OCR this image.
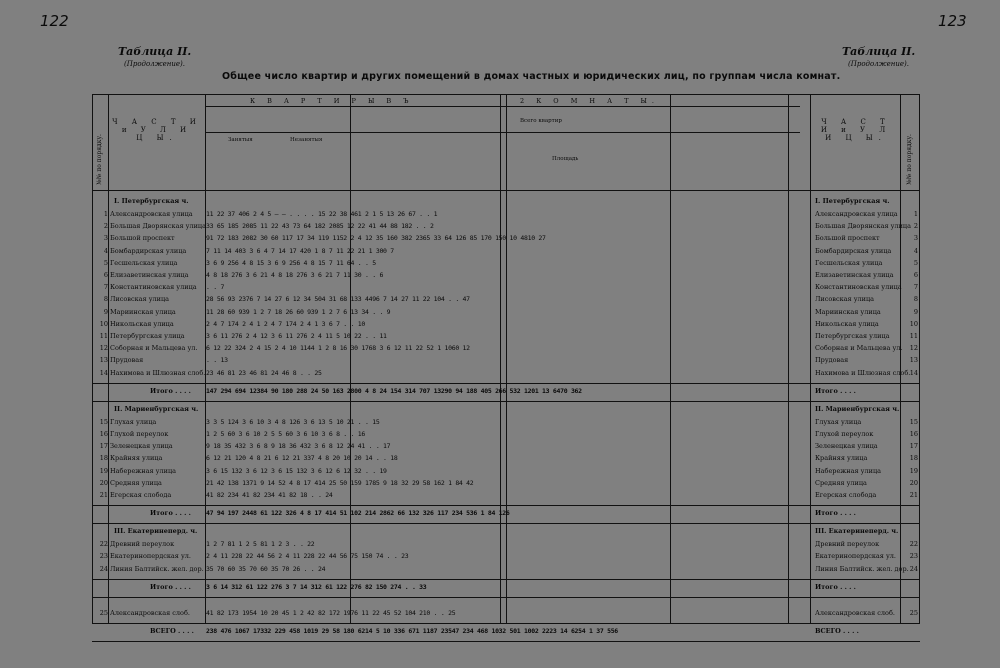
122	123
Таблица II.
(Продолжение).
Таблица II.
(Продолжение).
Общее число квартир и других помещений в домах частных и юридических лиц, по группам числа комнат.
№№ по порядку.	№№ по порядку.
Ч А С Т И и У Л И Ц Ы.
Ч А С Т И и У Л И Ц Ы.
К В А Р Т И Р Ы В Ъ	2 К О М Н А Т Ы.
Занятыя	Незанятыя
Всего квартир
Площадь
I. Петербургская ч.	I. Петербургская ч.
1 Александровская улица	11 22 37 406 2 4 5 — — . . . . 15 22 38 461 2 1 5 13 26 67 . . 1	Александровская улица	1
2 Большая Дворянская улица 33 65 185 2085 11 22 43 73 64 182 2085 12 22 41 44 88 182 . . 2	Большая Дворянская улица 2
3 Большой проспект	91 72 183 2082 30 60 117 17 34 119 1152 2 4 12 35 160 382 2365 33 64 126 85 170 150 10 4810 27	Большой проспект	3
4 Бомбардирская улица	7 11 14 403 3 6 4 7 14 17 420 1 8 7 11 22 21 1 300 7	Бомбардирская улица	4
5 Гесшельская улица	3 6 9 256 4 8 15 3 6 9 256 4 8 15 7 11 64 . . 5	Гесшельская улица	5
6 Елизаветинская улица	4 8 18 276 3 6 21 4 8 18 276 3 6 21 7 11 30 . . 6	Елизаветинская улица	6
7 Константиновская улица	. . 7	Константиновская улица	7
8 Лисовская улица	28 56 93 2376 7 14 27 6 12 34 504 31 68 133 4496 7 14 27 11 22 104 . . 47	Лисовская улица	8
9 Мариинская улица	11 28 60 939 1 2 7 18 26 60 939 1 2 7 6 13 34 . . 9	Мариинская улица	9
10 Никольская улица	2 4 7 174 2 4 1 2 4 7 174 2 4 1 3 6 7 . . 10	Никольская улица	10
11 Петербургская улица	3 6 11 276 2 4 12 3 6 11 276 2 4 11 5 10 22 . . 11	Петербургская улица	11
12 Соборная и Мальцева ул.	6 12 22 324 2 4 15 2 4 10 1144 1 2 8 16 30 1768 3 6 12 11 22 52 1 1060 12	Соборная и Мальцева ул.	12
13 Прудовая	. . 13	Прудовая	13
14 Нахимова и Шлюзная слоб. 23 46 81 23 46 81 24 46 8 . . 25	Нахимова и Шлюзная слоб. 14
Итого . . . .	147 294 694 12384 90 180 288 24 50 163 2800 4 8 24 154 314 707 13290 94 188 405 266 532 1201 13 6470 362	Итого . . . .
II. Мариенбургская ч.	II. Мариенбургская ч.
15 Глухая улица	3 3 5 124 3 6 10 3 4 8 126 3 6 13 5 10 21 . . 15	Глухая улица	15
16 Глухой переулок	1 2 5 60 3 6 10 2 5 5 60 3 6 10 3 6 8 . . 16	Глухой переулок	16
17 Зеленецкая улица	9 18 35 432 3 6 8 9 18 36 432 3 6 8 12 24 41 . . 17	Зеленецкая улица	17
18 Крайняя улица	6 12 21 120 4 8 21 6 12 21 337 4 8 20 10 20 14 . . 18	Крайняя улица	18
19 Набережная улица	3 6 15 132 3 6 12 3 6 15 132 3 6 12 6 12 32 . . 19	Набережная улица	19
20 Средняя улица	21 42 138 1371 9 14 52 4 8 17 414 25 50 159 1785 9 18 32 29 58 162 1 84 42	Средняя улица	20
21 Егерская слобода	41 82 234 41 82 234 41 82 18 . . 24	Егерская слобода	21
Итого . . . .	47 94 197 2448 61 122 326 4 8 17 414 51 102 214 2862 66 132 326 117 234 536 1 84 126	Итого . . . .
III. Екатеринеперд. ч.	III. Екатеринеперд. ч.
22 Древний переулок	1 2 7 81 1 2 5 81 1 2 3 . . 22	Древний переулок	22
23 Екатеринопердская ул.	2 4 11 228 22 44 56 2 4 11 228 22 44 56 75 150 74 . . 23	Екатеринопердская ул.	23
24 Линия Балтийск. жел. дор. 35 70 60 35 70 60 35 70 26 . . 24	Линия Балтийск. жел. дор. 24
Итого . . . .	3 6 14 312 61 122 276 3 7 14 312 61 122 276 82 150 274 . . 33	Итого . . . .
25 Александровская слоб.	41 82 173 1954 10 20 45 1 2 42 82 172 1976 11 22 45 52 104 210 . . 25	Александровская слоб.	25
ВСЕГО . . . .	238 476 1067 17332 229 458 1019 29 58 180 6214 5 10 336 671 1187 23547 234 468 1032 501 1002 2223 14 6254 1 37 556	ВСЕГО . . . .
